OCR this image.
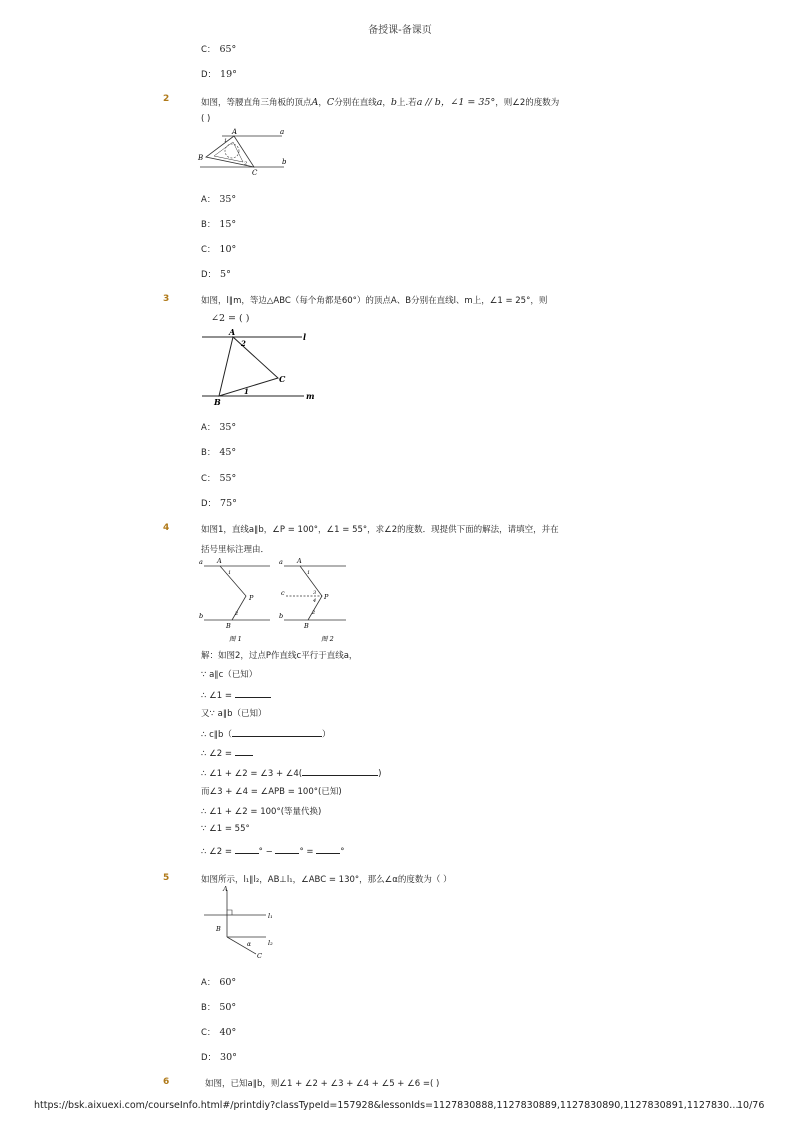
备授课-备课页
C： 65°
D： 19°
2	如图，等腰直角三角板的顶点A，C分别在直线a，b上.若a // b，∠1 = 35°，则∠2的度数为
( )
A	a
B	b
C
1
2
A： 35°
B： 15°
C： 10°
D： 5°
3	如图，l∥m，等边△ABC（每个角都是60°）的顶点A、B分别在直线l、m上，∠1 = 25°，则
∠2 = ( )
A	l
2
C
B
1	m
A： 35°
B： 45°
C： 55°
D： 75°
4	如图1，直线a∥b，∠P = 100°，∠1 = 55°，求∠2的度数．现提供下面的解法，请填空，并在
括号里标注理由．
a A
1
P
2
b
B
图 1
a A
1
c	3
4 P
2
b
B
图 2
解：如图2，过点P作直线c平行于直线a，
∵ a∥c（已知）
∴ ∠1 =
又∵ a∥b（已知）
∴ c∥b（	）
∴ ∠2 =
∴ ∠1 + ∠2 = ∠3 + ∠4(	)
而∠3 + ∠4 = ∠APB = 100°(已知)
∴ ∠1 + ∠2 = 100°(等量代换)
∵ ∠1 = 55°
∴ ∠2 =	° −	° =	°
5	如图所示，l₁∥l₂，AB⊥l₁，∠ABC = 130°，那么∠α的度数为（ ）
A
l₁
B
l₂
α
C
A： 60°
B： 50°
C： 40°
D： 30°
6	如图，已知a∥b，则∠1 + ∠2 + ∠3 + ∠4 + ∠5 + ∠6 =( )
https://bsk.aixuexi.com/courseInfo.html#/printdiy?classTypeId=157928&lessonIds=1127830888,1127830889,1127830890,1127830891,1127830…
10/76
